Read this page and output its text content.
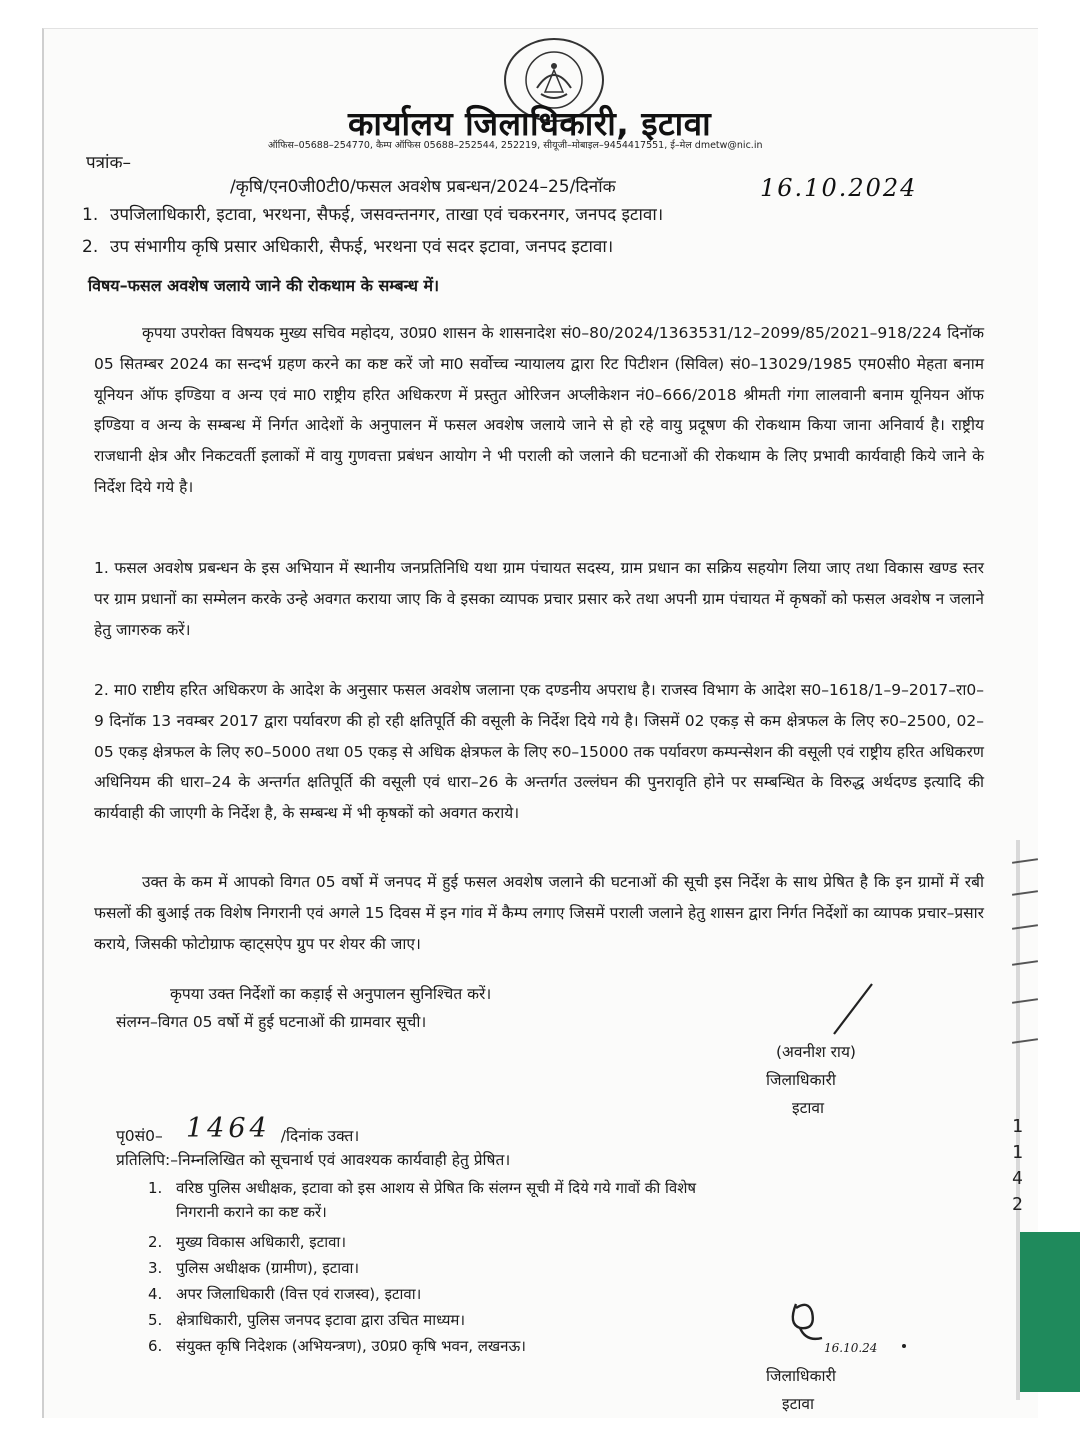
1
1
4
2
कार्यालय जिलाधिकारी, इटावा
ऑफिस–05688–254770, कैम्प ऑफिस 05688–252544, 252219, सीयूजी–मोबाइल–9454417551, ई–मेल dmetw@nic.in
पत्रांक–
/कृषि/एन0जी0टी0/फसल अवशेष प्रबन्धन/2024–25/दिनॉक	16.10.2024
1. उपजिलाधिकारी, इटावा, भरथना, सैफई, जसवन्तनगर, ताखा एवं चकरनगर, जनपद इटावा।
2. उप संभागीय कृषि प्रसार अधिकारी, सैफई, भरथना एवं सदर इटावा, जनपद इटावा।
विषय–फसल अवशेष जलाये जाने की रोकथाम के सम्बन्ध में।
कृपया उपरोक्त विषयक मुख्य सचिव महोदय, उ0प्र0 शासन के शासनादेश सं0–80/2024/1363531/12–2099/85/2021–918/224 दिनॉक 05 सितम्बर 2024 का सन्दर्भ ग्रहण करने का कष्ट करें जो मा0 सर्वोच्च न्यायालय द्वारा रिट पिटीशन (सिविल) सं0–13029/1985 एम0सी0 मेहता बनाम यूनियन ऑफ इण्डिया व अन्य एवं मा0 राष्ट्रीय हरित अधिकरण में प्रस्तुत ओरिजन अप्लीकेशन नं0–666/2018 श्रीमती गंगा लालवानी बनाम यूनियन ऑफ इण्डिया व अन्य के सम्बन्ध में निर्गत आदेशों के अनुपालन में फसल अवशेष जलाये जाने से हो रहे वायु प्रदूषण की रोकथाम किया जाना अनिवार्य है। राष्ट्रीय राजधानी क्षेत्र और निकटवर्ती इलाकों में वायु गुणवत्ता प्रबंधन आयोग ने भी पराली को जलाने की घटनाओं की रोकथाम के लिए प्रभावी कार्यवाही किये जाने के निर्देश दिये गये है।
1. फसल अवशेष प्रबन्धन के इस अभियान में स्थानीय जनप्रतिनिधि यथा ग्राम पंचायत सदस्य, ग्राम प्रधान का सक्रिय सहयोग लिया जाए तथा विकास खण्ड स्तर पर ग्राम प्रधानों का सम्मेलन करके उन्हे अवगत कराया जाए कि वे इसका व्यापक प्रचार प्रसार करे तथा अपनी ग्राम पंचायत में कृषकों को फसल अवशेष न जलाने हेतु जागरुक करें।
2. मा0 राष्टीय हरित अधिकरण के आदेश के अनुसार फसल अवशेष जलाना एक दण्डनीय अपराध है। राजस्व विभाग के आदेश स0–1618/1–9–2017–रा0–9 दिनॉक 13 नवम्बर 2017 द्वारा पर्यावरण की हो रही क्षतिपूर्ति की वसूली के निर्देश दिये गये है। जिसमें 02 एकड़ से कम क्षेत्रफल के लिए रु0–2500, 02–05 एकड़ क्षेत्रफल के लिए रु0–5000 तथा 05 एकड़ से अधिक क्षेत्रफल के लिए रु0–15000 तक पर्यावरण कम्पन्सेशन की वसूली एवं राष्ट्रीय हरित अधिकरण अधिनियम की धारा–24 के अन्तर्गत क्षतिपूर्ति की वसूली एवं धारा–26 के अन्तर्गत उल्लंघन की पुनरावृति होने पर सम्बन्धित के विरुद्ध अर्थदण्ड इत्यादि की कार्यवाही की जाएगी के निर्देश है, के सम्बन्ध में भी कृषकों को अवगत कराये।
उक्त के कम में आपको विगत 05 वर्षो में जनपद में हुई फसल अवशेष जलाने की घटनाओं की सूची इस निर्देश के साथ प्रेषित है कि इन ग्रामों में रबी फसलों की बुआई तक विशेष निगरानी एवं अगले 15 दिवस में इन गांव में कैम्प लगाए जिसमें पराली जलाने हेतु शासन द्वारा निर्गत निर्देशों का व्यापक प्रचार–प्रसार कराये, जिसकी फोटोग्राफ व्हाट्सऐप ग्रुप पर शेयर की जाए।
कृपया उक्त निर्देशों का कड़ाई से अनुपालन सुनिश्चित करें।
संलग्न–विगत 05 वर्षो में हुई घटनाओं की ग्रामवार सूची।
(अवनीश राय)
जिलाधिकारी
इटावा
पृ0सं0–	/दिनांक उक्त।
1464
प्रतिलिपि:–निम्नलिखित को सूचनार्थ एवं आवश्यक कार्यवाही हेतु प्रेषित।
1. वरिष्ठ पुलिस अधीक्षक, इटावा को इस आशय से प्रेषित कि संलग्न सूची में दिये गये गावों की विशेष
निगरानी कराने का कष्ट करें।
2. मुख्य विकास अधिकारी, इटावा।
3. पुलिस अधीक्षक (ग्रामीण), इटावा।
4. अपर जिलाधिकारी (वित्त एवं राजस्व), इटावा।
5. क्षेत्राधिकारी, पुलिस जनपद इटावा द्वारा उचित माध्यम।
6. संयुक्त कृषि निदेशक (अभियन्त्रण), उ0प्र0 कृषि भवन, लखनऊ।	16.10.24
जिलाधिकारी
इटावा
